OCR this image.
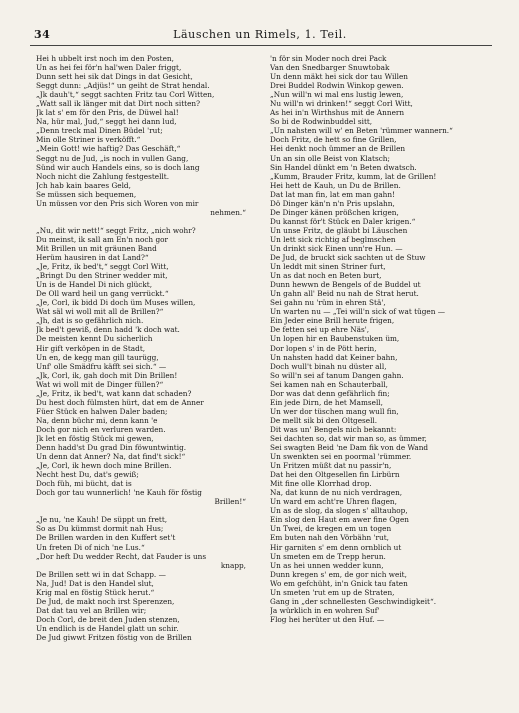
34	Läuschen un Rimels, 1. Teil.
Hei h ubbelt irst noch im den Posten,
Un as hei fei för'n hal'wen Daler friggt,
Dunn sett hei sik dat Dings in dat Gesicht,
Seggt dunn: „Adjüs!“ un geiht de Strat hendal.
„Jk dauh't,“ seggt sachten Fritz tau Corl Witten,
„Watt sall ik länger mit dat Dirt noch sitten?
Jk lat s' em för den Pris, de Düwel hal!
Na, hür mal, Jud,“ seggt hei dann lud,
„Denn treck mal Dinen Büdel 'rut;
Min olle Striner is verköfft.“
„Mein Gott! wie haftig? Das Geschäft,“
Seggt nu de Jud, „is noch in vullen Gang,
Sünd wir auch Handels eins, so is doch lang
Noch nicht die Zahlung festgestellt.
Jch hab kain baares Geld,
Se müssen sich bequemen,
Un müssen vor den Pris sich Woren von mir
nehmen.“
„Nu, dit wir nett!“ seggt Fritz, „nich wohr?
Du meinst, ik sall am En'n noch gor
Mit Brillen un mit gräunen Band
Herüm hausiren in dat Land?“
„Je, Fritz, ik bed't,“ seggt Corl Witt,
„Bringt Du den Striner wedder mit,
Un is de Handel Di nich glückt,
De Oll ward heil un gang verrückt.“
„Je, Corl, ik bidd Di doch üm Muses willen,
Wat säl wi woll mit all de Brillen?“
„Jh, dat is so gefährlich nich.
Jk bed't gewiß, denn hadd 'k doch wat.
De meisten kennt Du sicherlich
Hir gift verköpen in de Stadt,
Un en, de kegg man gill taurügg,
Unf' olle Smädfru käfft sei sich.“ —
„Jk, Corl, ik, gah doch mit Din Brillen!
Wat wi woll mit de Dinger füllen?“
„Je, Fritz, ik bed't, wat kann dat schaden?
Du hest doch fülmsten hürt, dat em de Anner
Füer Stück en halwen Daler baden;
Na, denn büchr mi, denn kann 'e
Doch gor nich en verluren warden.
Jk let en föstig Stück mi gewen,
Denn hadd'st Du grad Din föwuntwintig.
Un denn dat Anner? Na, dat find't sick!“
„Je, Corl, ik hewn doch mine Brillen.
Necht hest Du, dat's gewiß;
Doch füh, mi bücht, dat is
Doch gor tau wunnerlich! 'ne Kauh för föstig
Brillen!“
„Je nu, 'ne Kauh! De süppt un frett,
So as Du kümmst dormit nah Hus;
De Brillen warden in den Kuffert set't
Un freten Di of nich 'ne Lus.“
„Dor heft Du wedder Recht, dat Fauder is uns
knapp,
De Brillen sett wi in dat Schapp. —
Na, Jud! Dat is den Handel slut,
Krig mal en föstig Stück herut.“
De Jud, de makt noch irst Sperenzen,
Dat dat tau vel an Brillen wir;
Doch Corl, de breit den Juden stenzen,
Un endlich is de Handel glatt un schir.
De Jud giwwt Fritzen föstig von de Brillen
'n för sin Moder noch drei Pack
Van den Snedbarger Snuwtobak
Un denn mäkt hei sick dor tau Willen
Drei Buddel Rodwin Winkop gewen.
„Nun will'n wi mal ens lustig lewen,
Nu will'n wi drinken!“ seggt Corl Witt,
As hei in'n Wirthshus mit de Annern
So bi de Rodwinbuddel sitt,
„Un nahsten will w' en Beten 'rümmer wannern.“
Doch Fritz, de hett so fine Grillen,
Hei denkt noch ümmer an de Brillen
Un an sin olle Beist von Klatsch;
Sin Handel dünkt em 'n Beten dwatsch.
„Kumm, Brauder Fritz, kumm, lat de Grillen!
Hei hett de Kauh, un Du de Brillen.
Dat lat man fin, lat em man gahn!
Dö Dinger kän'n n'n Pris upslahn,
De Dinger känen prößchen krigen,
Du kannst för't Stück en Daler krigen.“
Un unse Fritz, de gläubt bi Läuschen
Un lett sick richtig af beglmschen
Un drinkt sick Einen unn're Hun. —
De Jud, de bruckt sick sachten ut de Stuw
Un leddt mit sinen Striner furt,
Un as dat noch en Beten burt,
Dunn hewwn de Bengels of de Buddel ut
Un gahn all' Beid nu nah de Strat herut.
Sei gahn nu 'rüm in ehren Stä',
Un warten nu — „Tei will'n sick of wat tügen —
Ein Jeder eine Brill herute frigen,
De fetten sei up ehre Näs',
Un lopen hir en Baubenstuken üm,
Dor lopen s' in de Pött herin,
Un nahsten hadd dat Keiner bahn,
Doch wull't binah nu düster all,
So will'n sei af tanum Dangen gahn.
Sei kamen nah en Schauterball,
Dor was dat denn gefährlich fin;
Ein jede Dirn, de het Mamsell,
Un wer dor tüschen mang wull fin,
De mellt sik bi den Oltgesell.
Dit was un' Bengels nich bekannt:
Sei dachten so, dat wir man so, as ümmer,
Sei swagten Beid 'ne Dam fik von de Wand
Un swenkten sei en poormal 'rümmer.
Un Fritzen müßt dat nu passir'n,
Dat hei den Oltgesellen fin Lirbürn
Mit fine olle Klorrhad drop.
Na, dat kunn de nu nich verdragen,
Un ward em acht're Uhren flagen,
Un as de slog, da slogen s' alltauhop,
Ein slog den Haut em awer fine Ogen
Un Twei, de kregen em un togen
Em buten nah den Vörbähn 'rut,
Hir garniten s' em denn ornblich ut
Un smeten em de Trepp herun.
Un as hei unnen wedder kunn,
Dunn kregen s' em, de gor nich weit,
Wo em gefchüht, in'n Gnick tau faten
Un smeten 'rut em up de Straten,
Gang in „der schnellesten Geschwindigkeit“.
Ja würklich in en wohren Suf'
Flog hei herüter ut den Huf. —
